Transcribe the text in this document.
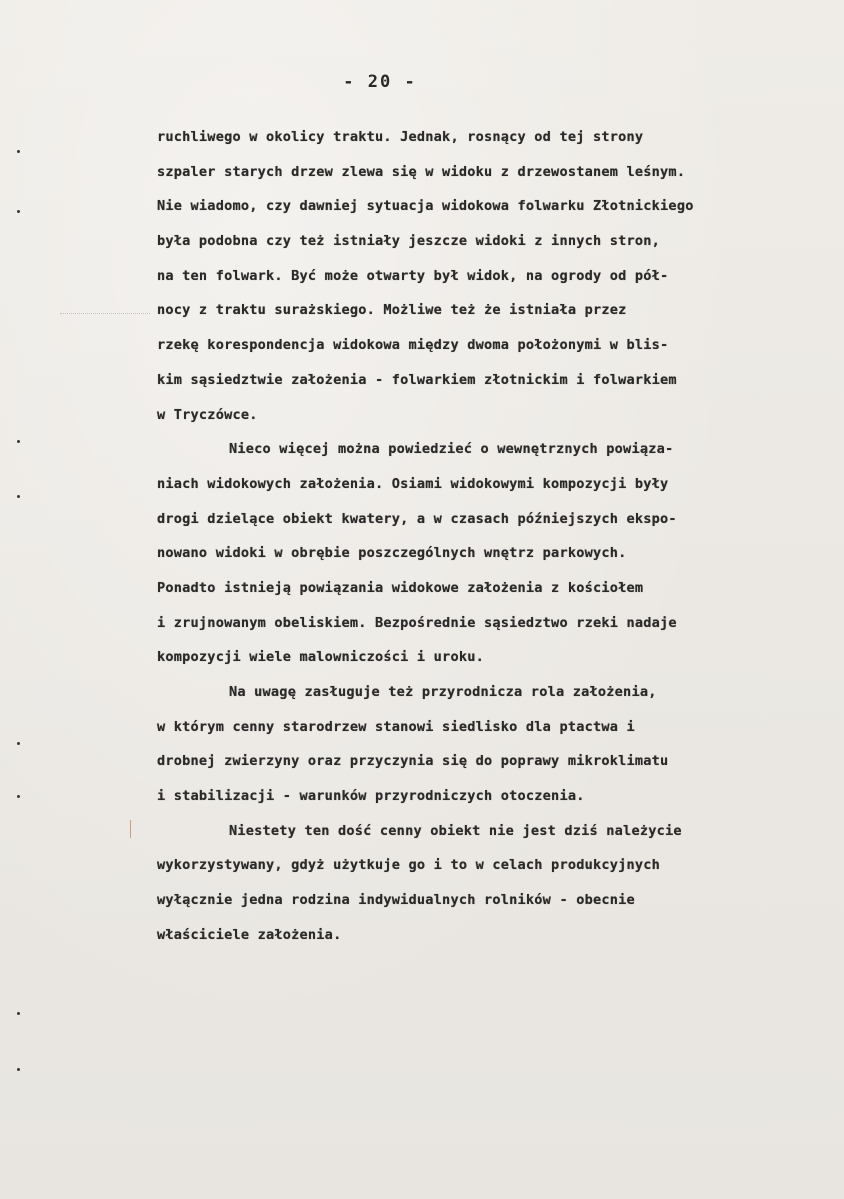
- 20 -
ruchliwego w okolicy traktu. Jednak, rosnący od tej strony
szpaler starych drzew zlewa się w widoku z drzewostanem leśnym.
Nie wiadomo, czy dawniej sytuacja widokowa folwarku Złotnickiego
była podobna czy też istniały jeszcze widoki z innych stron,
na ten folwark. Być może otwarty był widok, na ogrody od pół-
nocy z traktu surażskiego. Możliwe też że istniała przez
rzekę korespondencja widokowa między dwoma położonymi w blis-
kim sąsiedztwie założenia - folwarkiem złotnickim i folwarkiem
w Tryczówce.
Nieco więcej można powiedzieć o wewnętrznych powiąza-
niach widokowych założenia. Osiami widokowymi kompozycji były
drogi dzielące obiekt kwatery, a w czasach późniejszych ekspo-
nowano widoki w obrębie poszczególnych wnętrz parkowych.
Ponadto istnieją powiązania widokowe założenia z kościołem
i zrujnowanym obeliskiem. Bezpośrednie sąsiedztwo rzeki nadaje
kompozycji wiele malowniczości i uroku.
Na uwagę zasługuje też przyrodnicza rola założenia,
w którym cenny starodrzew stanowi siedlisko dla ptactwa i
drobnej zwierzyny oraz przyczynia się do poprawy mikroklimatu
i stabilizacji - warunków przyrodniczych otoczenia.
Niestety ten dość cenny obiekt nie jest dziś należycie
wykorzystywany, gdyż użytkuje go i to w celach produkcyjnych
wyłącznie jedna rodzina indywidualnych rolników - obecnie
właściciele założenia.
